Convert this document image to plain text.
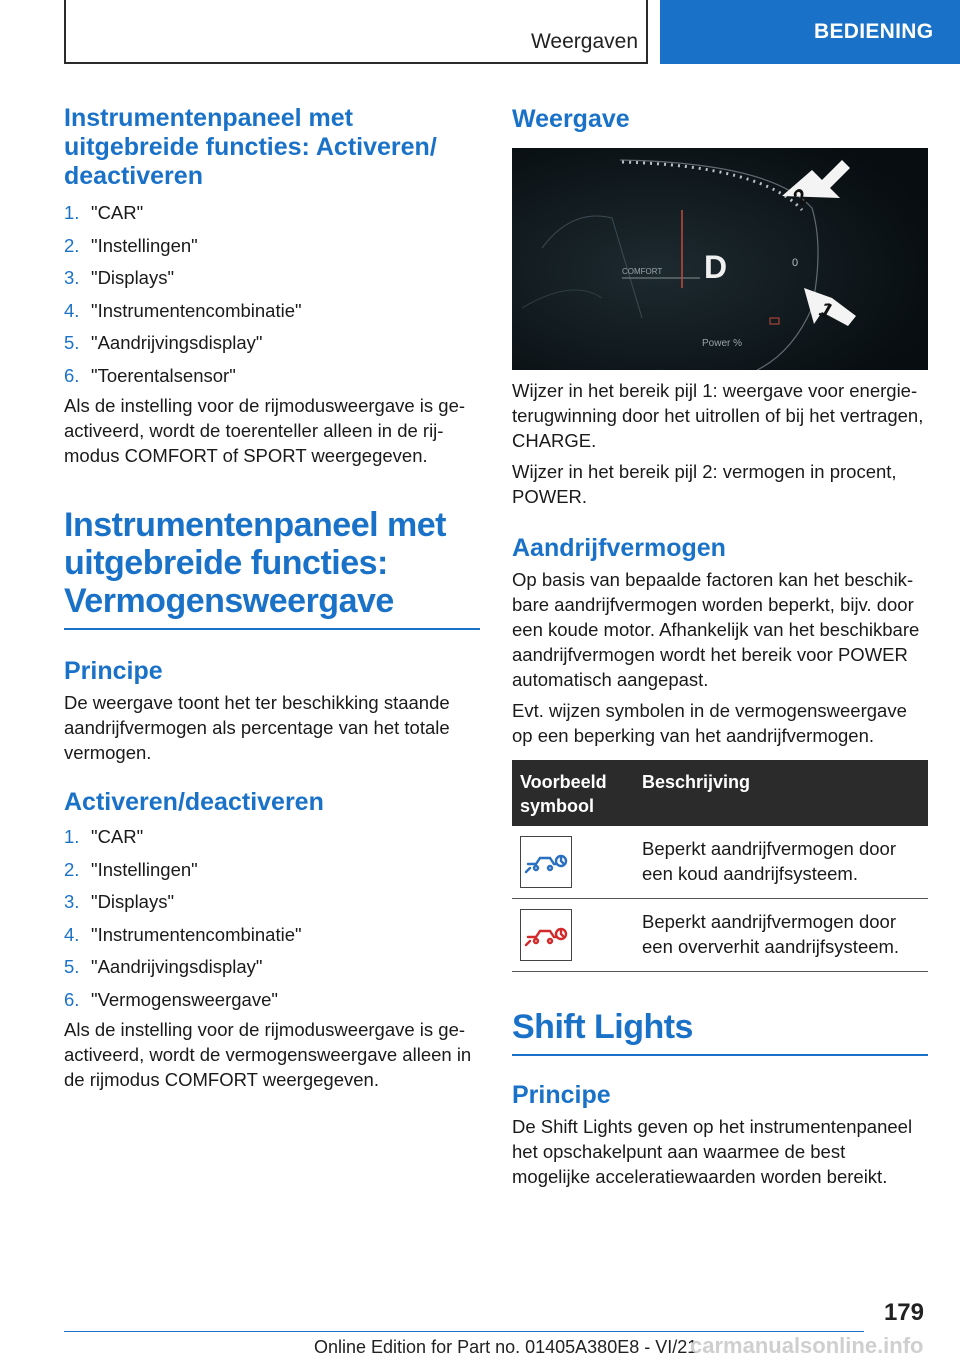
Weergaven	BEDIENING
Instrumentenpaneel met uitgebreide functies: Activeren/ deactiveren
1. "CAR"
2. "Instellingen"
3. "Displays"
4. "Instrumentencombinatie"
5. "Aandrijvingsdisplay"
6. "Toerentalsensor"

Als de instelling voor de rijmodusweergave is geactiveerd, wordt de toerenteller alleen in de rijmodus COMFORT of SPORT weergegeven.

Instrumentenpaneel met uitgebreide functies: Vermogensweergave
Principe

De weergave toont het ter beschikking staande aandrijfvermogen als percentage van het totale vermogen.

Activeren/deactiveren
1. "CAR"
2. "Instellingen"
3. "Displays"
4. "Instrumentencombinatie"
5. "Aandrijvingsdisplay"
6. "Vermogensweergave"

Als de instelling voor de rijmodusweergave is geactiveerd, wordt de vermogensweergave alleen in de rijmodus COMFORT weergegeven.

Weergave
COMFORT D	0
Power %
2
1

Wijzer in het bereik pijl 1: weergave voor energieterugwinning door het uitrollen of bij het vertragen, CHARGE.

Wijzer in het bereik pijl 2: vermogen in procent, POWER.

Aandrijfvermogen

Op basis van bepaalde factoren kan het beschikbare aandrijfvermogen worden beperkt, bijv. door een koude motor. Afhankelijk van het beschikbare aandrijfvermogen wordt het bereik voor POWER automatisch aangepast.

Evt. wijzen symbolen in de vermogensweergave op een beperking van het aandrijfvermogen.

Voorbeeld symbool	Beschrijving

	Beperkt aandrijfvermogen door een koud aandrijfsysteem.

	Beperkt aandrijfvermogen door een oververhit aandrijfsysteem.
Shift Lights
Principe

De Shift Lights geven op het instrumentenpaneel het opschakelpunt aan waarmee de best mogelijke acceleratiewaarden worden bereikt.

179
Online Edition for Part no. 01405A380E8 - VI/21
carmanualsonline.info
